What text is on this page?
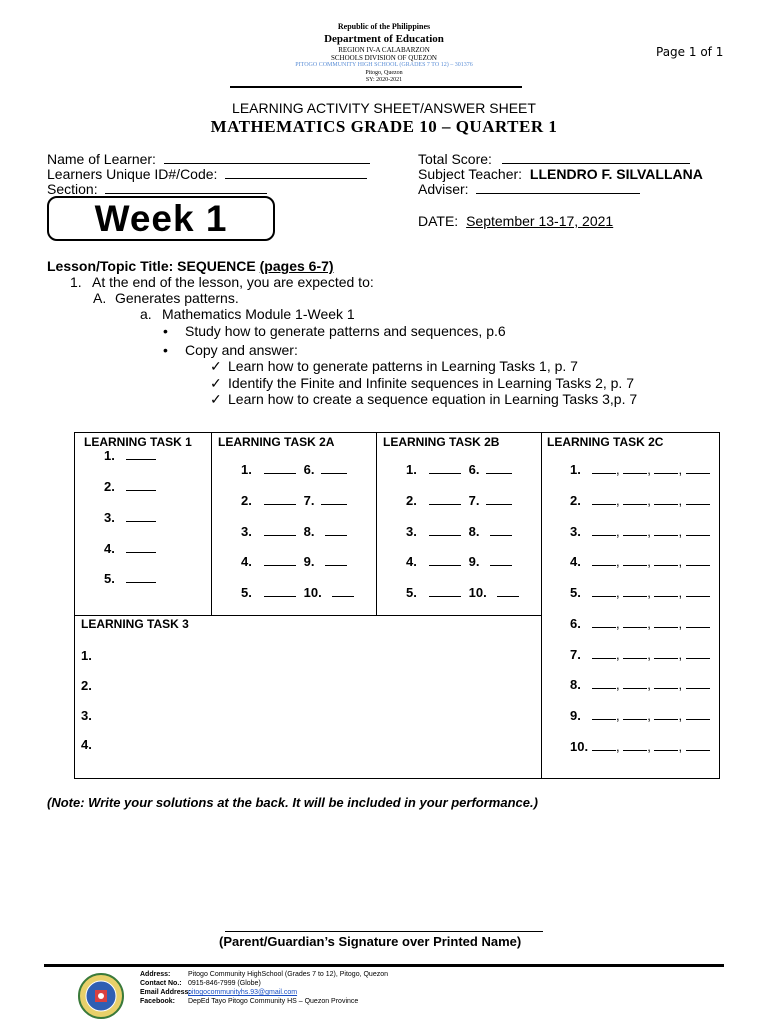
Republic of the Philippines
Department of Education
REGION IV-A CALABARZON
SCHOOLS DIVISION OF QUEZON
PITOGO COMMUNITY HIGH SCHOOL (GRADES 7 TO 12) – 301376
Pitogo, Quezon
SY: 2020-2021
Page 1 of 1
LEARNING ACTIVITY SHEET/ANSWER SHEET
MATHEMATICS GRADE 10 – QUARTER 1
Name of Learner:
Learners Unique ID#/Code:
Section:
Total Score:
Subject Teacher: LLENDRO F. SILVALLANA
Adviser:
DATE: September 13-17, 2021
Week 1
Lesson/Topic Title: SEQUENCE (pages 6-7)
1. At the end of the lesson, you are expected to:
A. Generates patterns.
a. Mathematics Module 1-Week 1
• Study how to generate patterns and sequences, p.6
• Copy and answer:
✓ Learn how to generate patterns in Learning Tasks 1, p. 7
✓ Identify the Finite and Infinite sequences in Learning Tasks 2, p. 7
✓ Learn how to create a sequence equation in Learning Tasks 3,p. 7
LEARNING TASK 1 LEARNING TASK 2A	LEARNING TASK 2B	LEARNING TASK 2C
LEARNING TASK 3
1.
2.
3.
4.
5.
1.	6.
2.	7.
3.	8.
4.	9.
5.	10.
1.	6.
2.	7.
3.	8.
4.	9.
5.	10.
1.	, , ,
2.	, , ,
3.	, , ,
4.	, , ,
5.	, , ,
6.	, , ,
7.	, , ,
8.	, , ,
9.	, , ,
10. , , ,
1.
2.
3.
4.
(Note: Write your solutions at the back. It will be included in your performance.)
(Parent/Guardian’s Signature over Printed Name)
Address:	Pitogo Community HighSchool (Grades 7 to 12), Pitogo, Quezon
Contact No.: 0915-846-7999 (Globe)
Email Address:pitogocommunityhs.93@gmail.com
Facebook: DepEd Tayo Pitogo Community HS – Quezon Province
